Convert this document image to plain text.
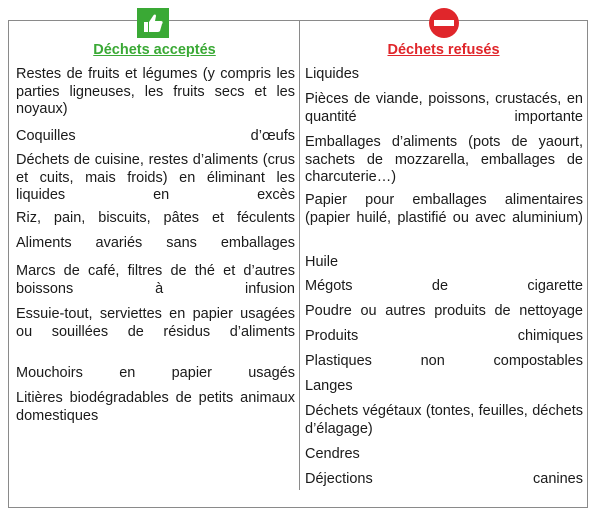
Déchets acceptés	Déchets refusés

Restes de fruits et légumes (y compris les parties ligneuses, les fruits secs et les noyaux)

Coquilles d’œufs

Déchets de cuisine, restes d’aliments (crus et cuits, mais froids) en éliminant les liquides en excès

Riz, pain, biscuits, pâtes et féculents

Aliments avariés sans emballages

Marcs de café, filtres de thé et d’autres boissons à infusion

Essuie-tout, serviettes en papier usagées ou souillées de résidus d’aliments

Mouchoirs en papier usagés

Litières biodégradables de petits animaux domestiques

Liquides

Pièces de viande, poissons, crustacés, en quantité importante

Emballages d’aliments (pots de yaourt, sachets de mozzarella, emballages de charcuterie…)

Papier pour emballages alimentaires (papier huilé, plastifié ou avec aluminium)

Huile

Mégots de cigarette

Poudre ou autres produits de nettoyage

Produits chimiques

Plastiques non compostables

Langes

Déchets végétaux (tontes, feuilles, déchets d’élagage)

Cendres

Déjections canines
